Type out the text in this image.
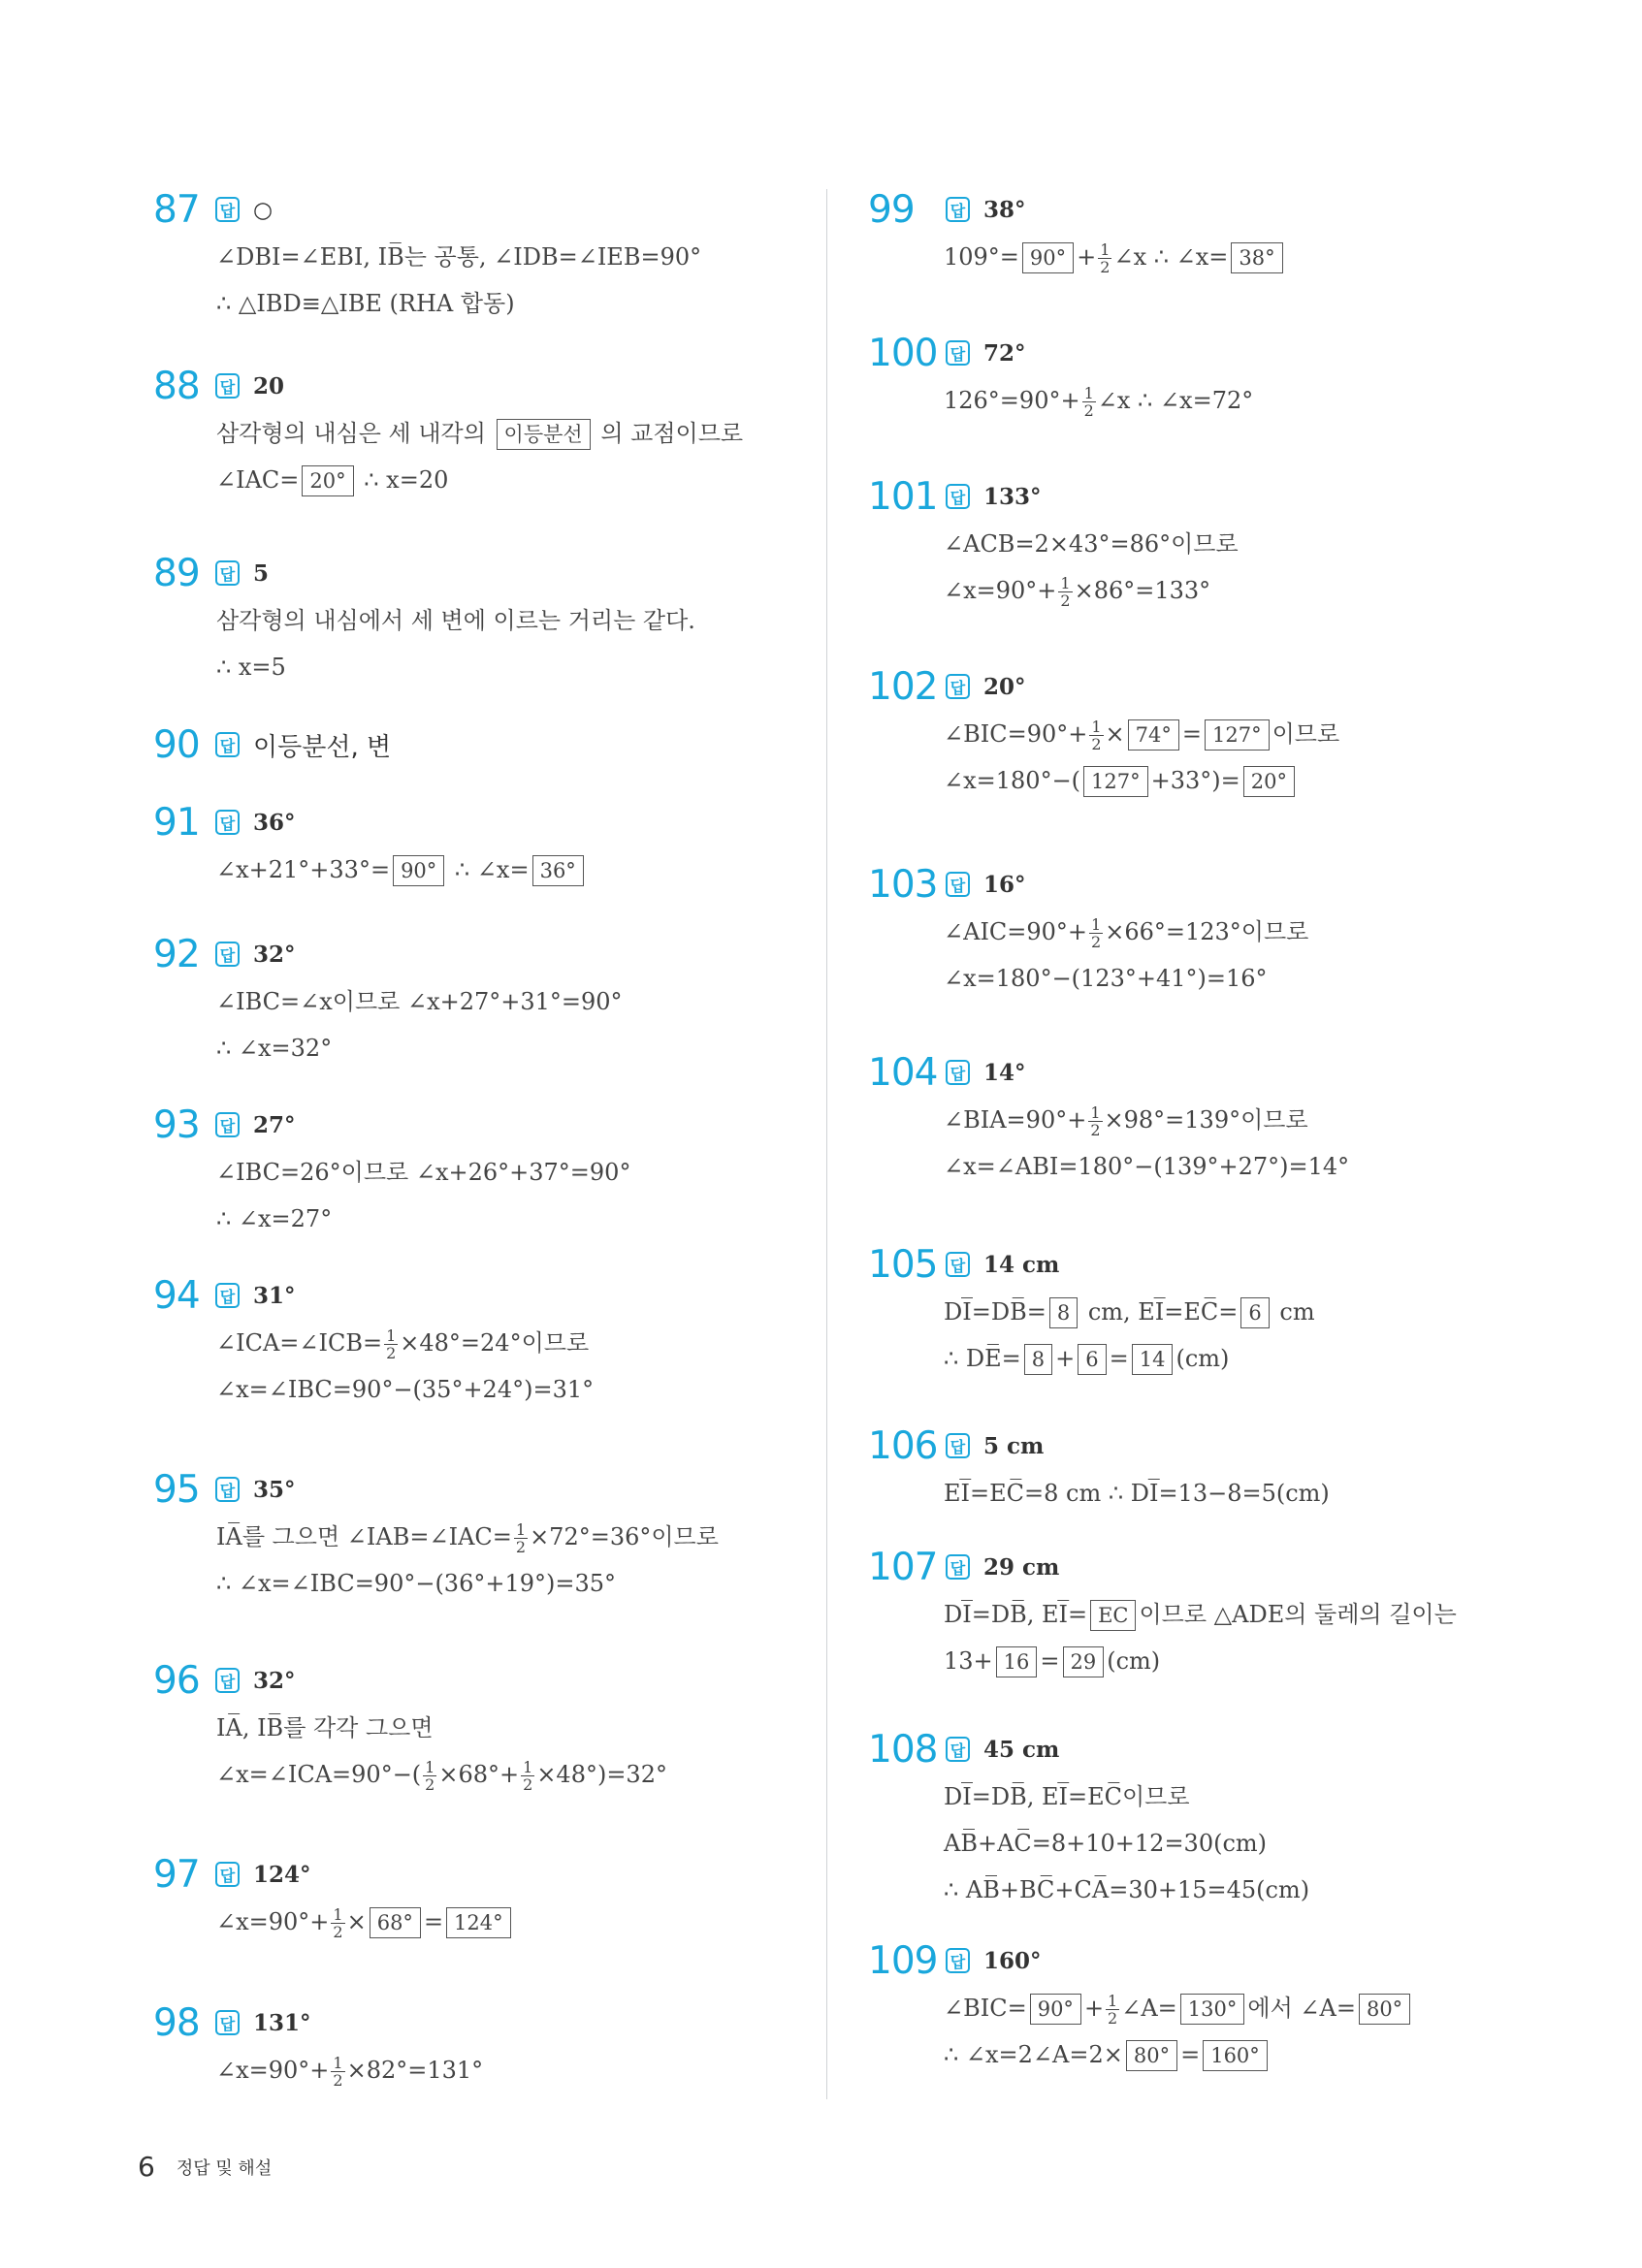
87	답 ○
∠DBI=∠EBI, IB̅는 공통, ∠IDB=∠IEB=90°
∴ △IBD≡△IBE (RHA 합동)
88	답 20
삼각형의 내심은 세 내각의 이등분선 의 교점이므로
∠IAC= 20° ∴ x=20
89	답 5
삼각형의 내심에서 세 변에 이르는 거리는 같다.
∴ x=5
90	답 이등분선, 변
91	답 36°
∠x+21°+33°= 90° ∴ ∠x= 36°
92	답 32°
∠IBC=∠x이므로 ∠x+27°+31°=90°
∴ ∠x=32°
93	답 27°
∠IBC=26°이므로 ∠x+26°+37°=90°
∴ ∠x=27°
94	답 31°
∠ICA=∠ICB= $\frac{1}{2} \times 48^\circ=24^\circ$이므로
∠x=∠IBC=90°−(35°+24°)=31°
95	답 35°
IA̅를 그으면 ∠IAB=∠IAC= $\frac{1}{2} \times 72^\circ=36^\circ$이므로
∴ ∠x=∠IBC=90°−(36°+19°)=35°
96	답 32°
IA̅, IB̅를 각각 그으면
∠x=∠ICA=90°−( $\frac{1}{2} \times 68^\circ+ \frac{1}{2} \times 48^\circ)=32^\circ$
97	답 124°
∠x=90°+ $\frac{1}{2} \times 68^\circ = 124^\circ$
98	답 131°
∠x=90°+ $\frac{1}{2} \times 82^\circ=131^\circ$
99	답 38°
$109^\circ= 90^\circ + \frac{1}{2}$ ∠x ∴ ∠x= 38°
100 답 72°
$126^\circ=90^\circ+ \frac{1}{2}$ ∠x ∴ ∠x=72°
101 답 133°
∠ACB=2×43°=86°이므로
∠x=90°+ $\frac{1}{2} \times 86^\circ=133^\circ$
102 답 20°
∠BIC=90°+ $\frac{1}{2} \times 74^\circ = 127^\circ$ 이므로
∠x=180°−( 127° +33°)= 20°
103 답 16°
∠AIC=90°+ $\frac{1}{2} \times 66^\circ=123^\circ$이므로
∠x=180°−(123°+41°)=16°
104 답 14°
∠BIA=90°+ $\frac{1}{2} \times 98^\circ=139^\circ$이므로
∠x=∠ABI=180°−(139°+27°)=14°
105 답 14 cm
DI̅=DB̅= 8 cm, EI̅=EC̅= 6 cm
∴ DE̅= 8 + 6 = 14 (cm)
106 답 5 cm
EI̅=EC̅=8 cm ∴ DI̅=13−8=5(cm)
107 답 29 cm
DI̅=DB̅, EI̅= EC 이므로 △ADE의 둘레의 길이는
13+ 16 = 29 (cm)
108 답 45 cm
DI̅=DB̅, EI̅=EC̅이므로
AB̅+AC̅=8+10+12=30(cm)
∴ AB̅+BC̅+CA̅=30+15=45(cm)
109 답 160°
∠BIC= $90^\circ + \frac{1}{2}$ ∠A= 130° 에서 ∠A= 80°
∴ ∠x=2∠A=2× 80° = 160°
6 정답 및 해설
